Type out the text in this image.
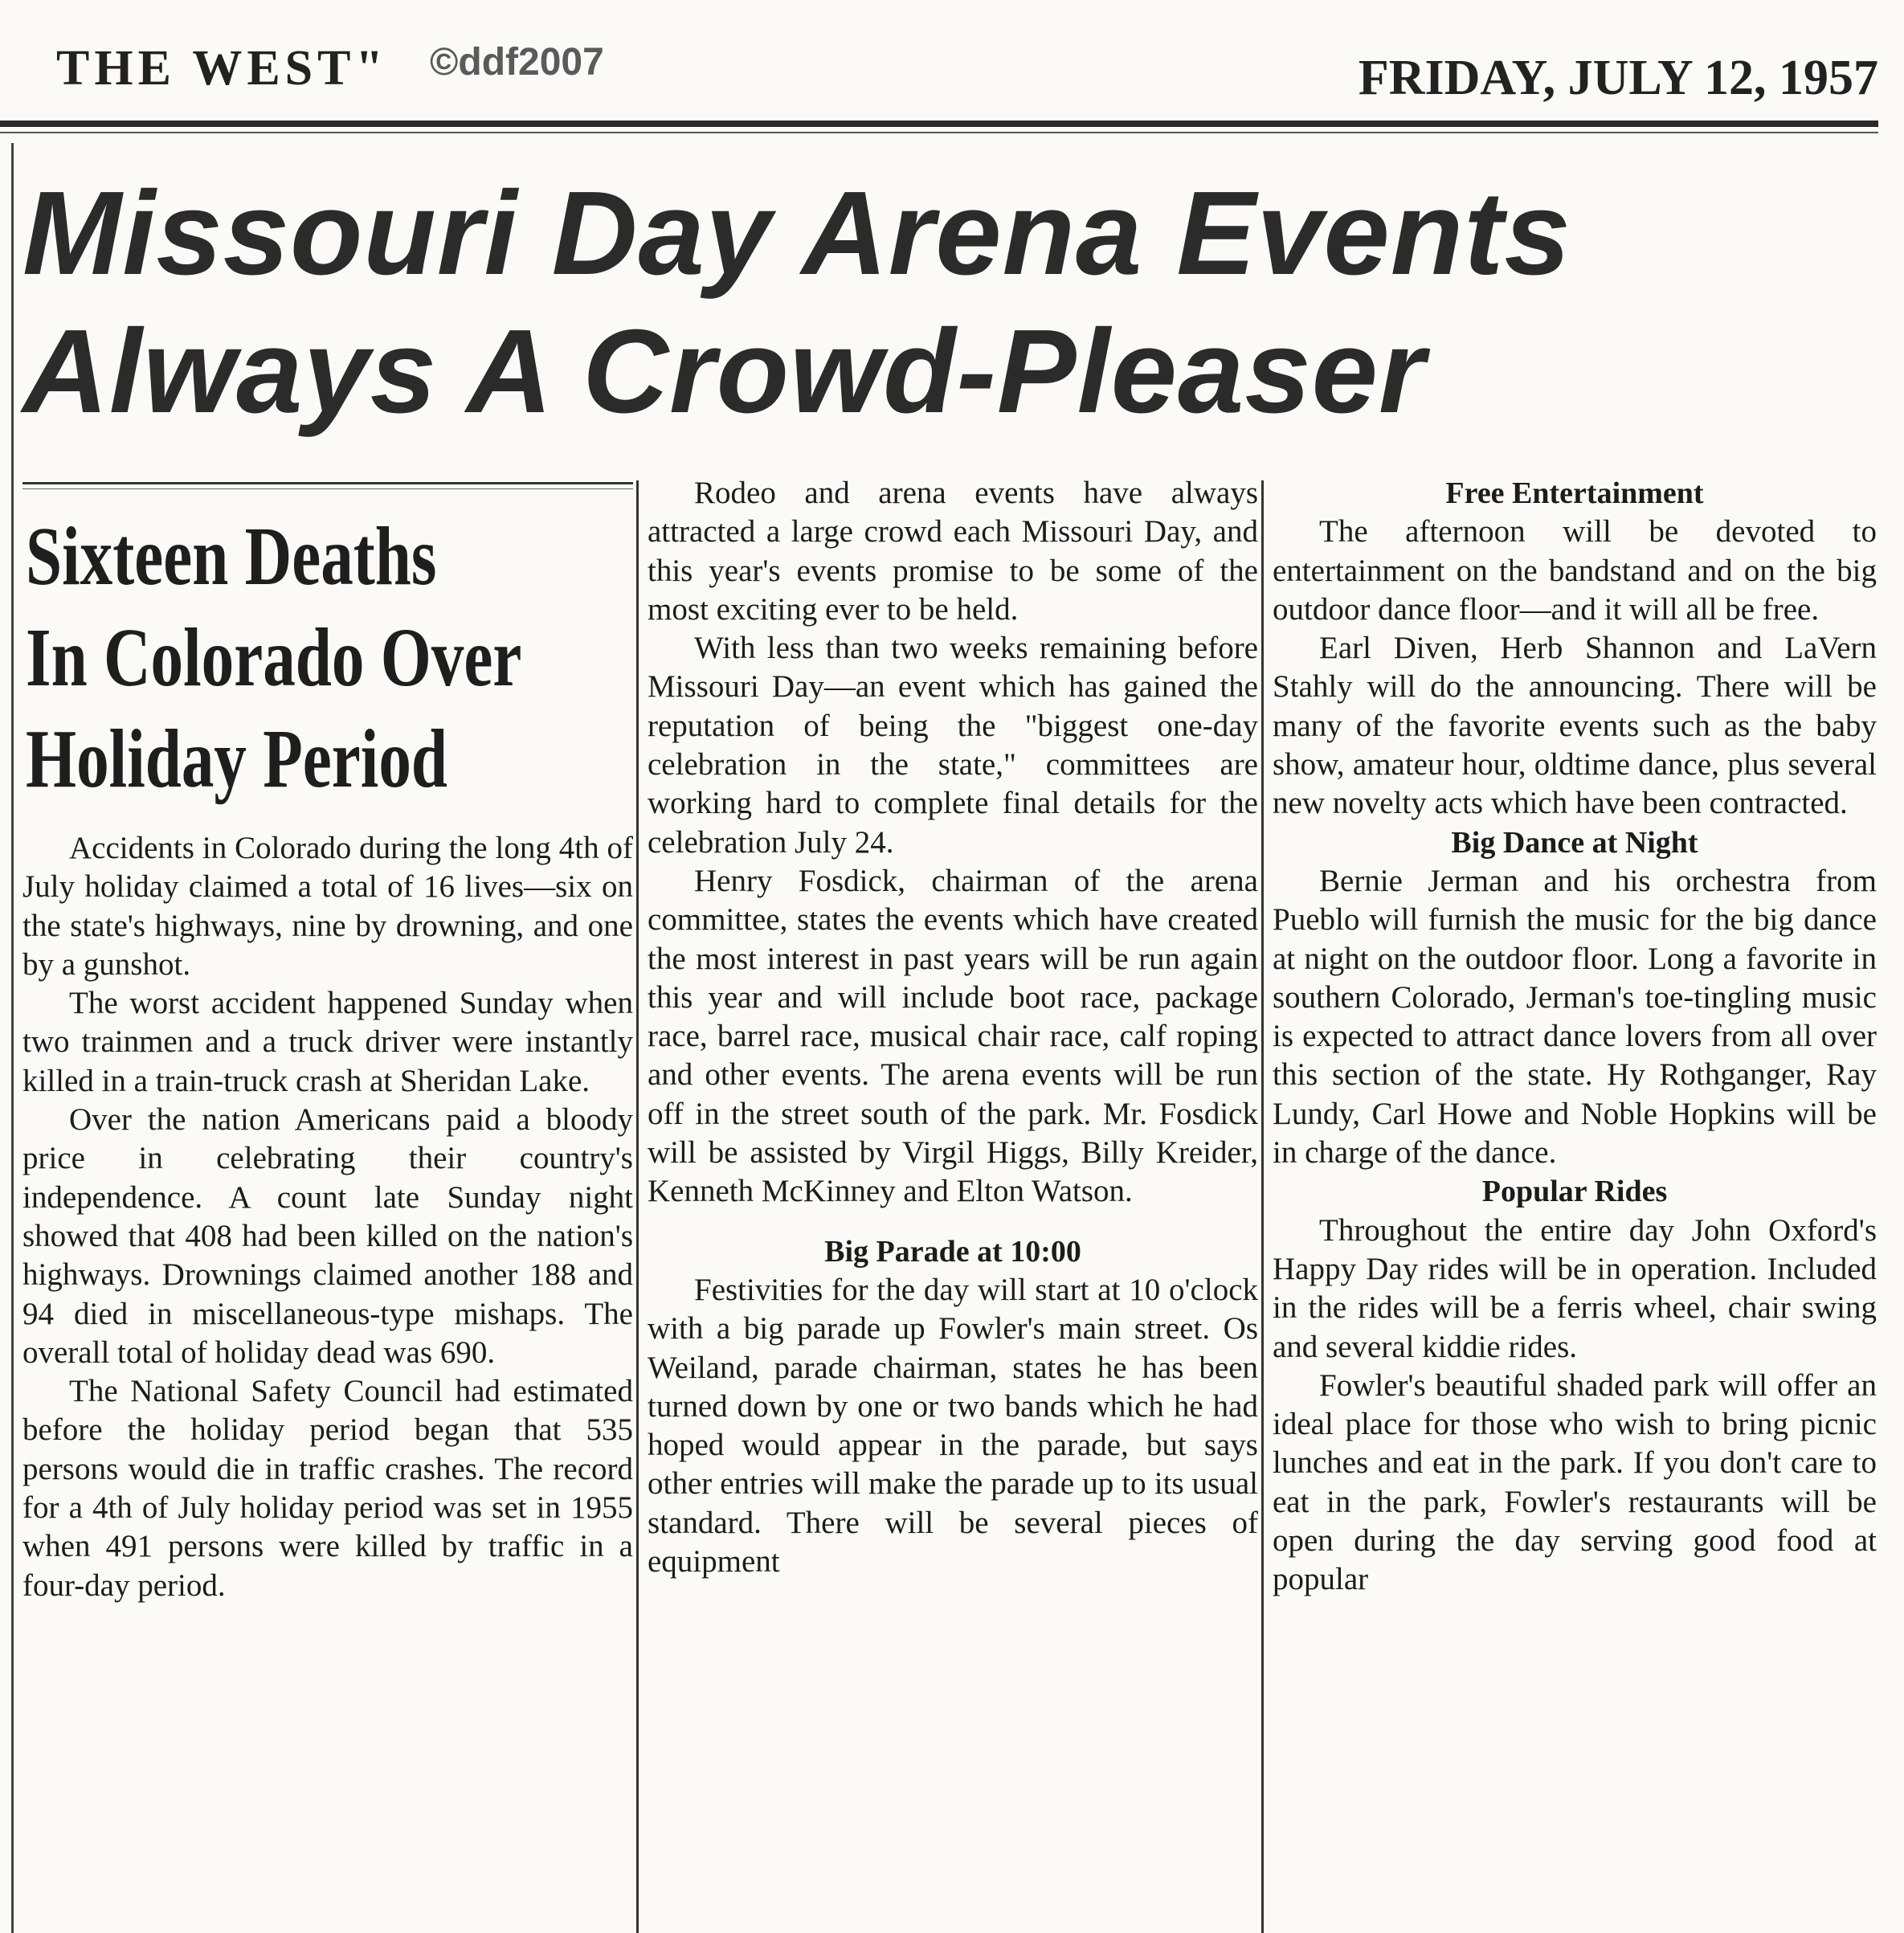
THE WEST" ©ddf2007	FRIDAY, JULY 12, 1957
Missouri Day Arena Events
Always A Crowd-Pleaser
Sixteen Deaths
In Colorado Over
Holiday Period

Accidents in Colorado during the long 4th of July holiday claimed a total of 16 lives—six on the state's highways, nine by drowning, and one by a gunshot.

The worst accident happened Sunday when two trainmen and a truck driver were instantly killed in a train-truck crash at Sheridan Lake.

Over the nation Americans paid a bloody price in celebrating their country's independence. A count late Sunday night showed that 408 had been killed on the nation's highways. Drownings claimed another 188 and 94 died in miscellaneous-type mishaps. The overall total of holiday dead was 690.

The National Safety Council had estimated before the holiday period began that 535 persons would die in traffic crashes. The record for a 4th of July holiday period was set in 1955 when 491 persons were killed by traffic in a four-day period.

Rodeo and arena events have always attracted a large crowd each Missouri Day, and this year's events promise to be some of the most exciting ever to be held.

With less than two weeks remaining before Missouri Day—an event which has gained the reputation of being the "biggest one-day celebration in the state," committees are working hard to complete final details for the celebration July 24.

Henry Fosdick, chairman of the arena committee, states the events which have created the most interest in past years will be run again this year and will include boot race, package race, barrel race, musical chair race, calf roping and other events. The arena events will be run off in the street south of the park. Mr. Fosdick will be assisted by Virgil Higgs, Billy Kreider, Kenneth McKinney and Elton Watson.

Big Parade at 10:00

Festivities for the day will start at 10 o'clock with a big parade up Fowler's main street. Os Weiland, parade chairman, states he has been turned down by one or two bands which he had hoped would appear in the parade, but says other entries will make the parade up to its usual standard. There will be several pieces of equipment

Free Entertainment

The afternoon will be devoted to entertainment on the bandstand and on the big outdoor dance floor—and it will all be free.

Earl Diven, Herb Shannon and LaVern Stahly will do the announcing. There will be many of the favorite events such as the baby show, amateur hour, oldtime dance, plus several new novelty acts which have been contracted.

Big Dance at Night

Bernie Jerman and his orchestra from Pueblo will furnish the music for the big dance at night on the outdoor floor. Long a favorite in southern Colorado, Jerman's toe-tingling music is expected to attract dance lovers from all over this section of the state. Hy Rothganger, Ray Lundy, Carl Howe and Noble Hopkins will be in charge of the dance.

Popular Rides

Throughout the entire day John Oxford's Happy Day rides will be in operation. Included in the rides will be a ferris wheel, chair swing and several kiddie rides.

Fowler's beautiful shaded park will offer an ideal place for those who wish to bring picnic lunches and eat in the park. If you don't care to eat in the park, Fowler's restaurants will be open during the day serving good food at popular
